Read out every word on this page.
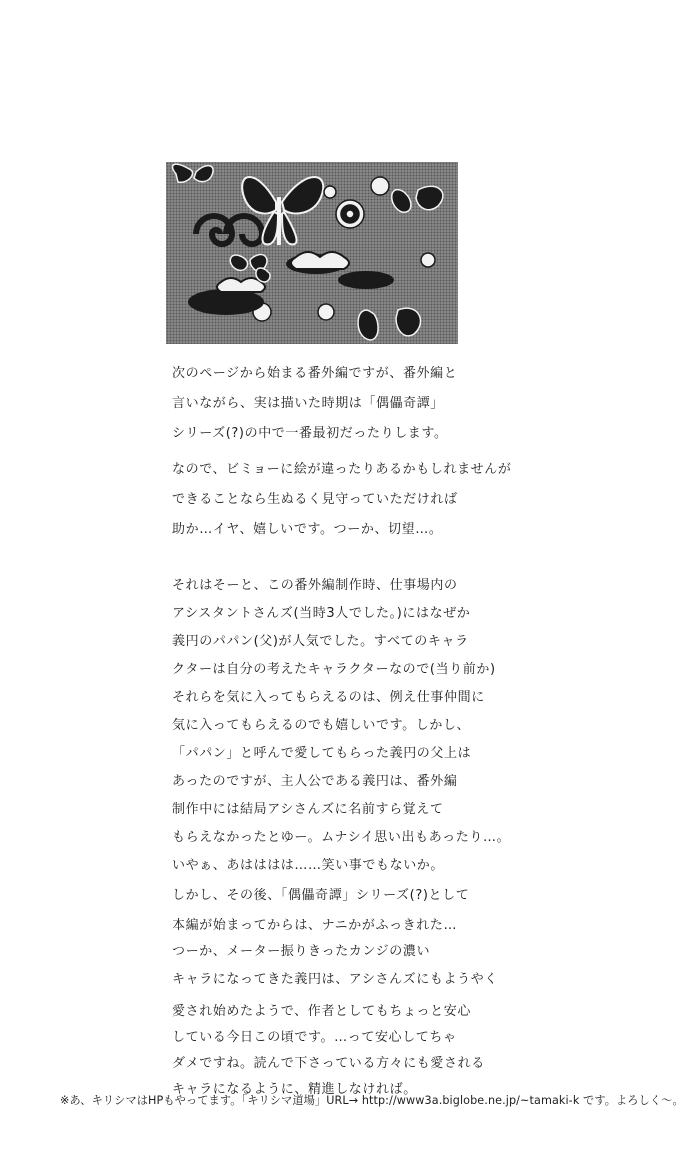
次のページから始まる番外編ですが、番外編と
言いながら、実は描いた時期は「偶儡奇譚」
シリーズ(?)の中で一番最初だったりします。
なので、ビミョーに絵が違ったりあるかもしれませんが
できることなら生ぬるく見守っていただければ
助か…イヤ、嬉しいです。つーか、切望…。
それはそーと、この番外編制作時、仕事場内の
アシスタントさんズ(当時3人でした。)にはなぜか
義円のパパン(父)が人気でした。すべてのキャラ
クターは自分の考えたキャラクターなので(当り前か)
それらを気に入ってもらえるのは、例え仕事仲間に
気に入ってもらえるのでも嬉しいです。しかし、
「パパン」と呼んで愛してもらった義円の父上は
あったのですが、主人公である義円は、番外編
制作中には結局アシさんズに名前すら覚えて
もらえなかったとゆー。ムナシイ思い出もあったり…。
いやぁ、あはははは……笑い事でもないか。
しかし、その後、「偶儡奇譚」シリーズ(?)として
本編が始まってからは、ナニかがふっきれた…
つーか、メーター振りきったカンジの濃い
キャラになってきた義円は、アシさんズにもようやく
愛され始めたようで、作者としてもちょっと安心
している今日この頃です。…って安心してちゃ
ダメですね。読んで下さっている方々にも愛される
キャラになるように、精進しなければ。
※あ、キリシマはHPもやってます。「キリシマ道場」URL→ http://www3a.biglobe.ne.jp/~tamaki-k です。よろしく〜。
